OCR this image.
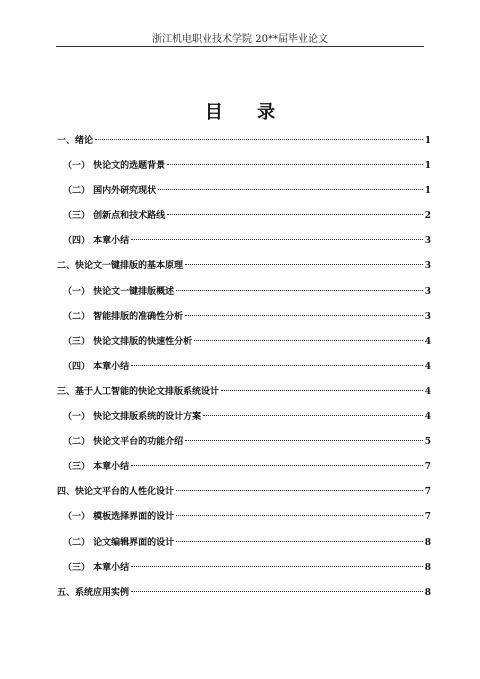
浙江机电职业技术学院 20**届毕业论文
目 录
一、绪论	1
（一） 快论文的选题背景	1
（二） 国内外研究现状	1
（三） 创新点和技术路线	2
（四） 本章小结	3
二、快论文一键排版的基本原理	3
（一） 快论文一键排版概述	3
（二） 智能排版的准确性分析	3
（三） 快论文排版的快速性分析	4
（四） 本章小结	4
三、基于人工智能的快论文排版系统设计	4
（一） 快论文排版系统的设计方案	4
（二） 快论文平台的功能介绍	5
（三） 本章小结	7
四、快论文平台的人性化设计	7
（一） 模板选择界面的设计	7
（二） 论文编辑界面的设计	8
（三） 本章小结	8
五、系统应用实例	8
